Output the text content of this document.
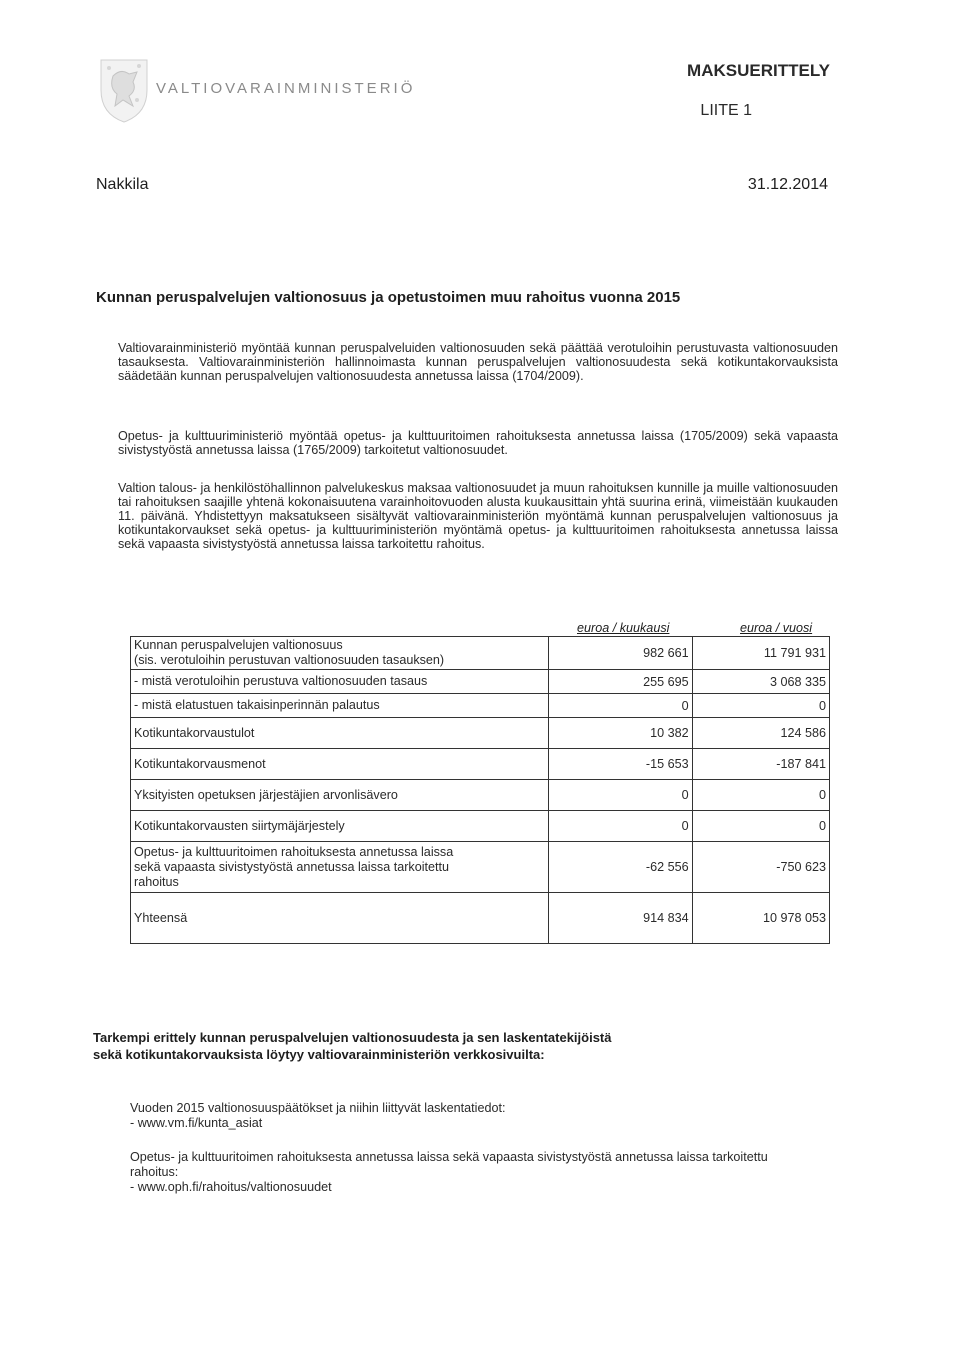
VALTIOVARAINMINISTERIÖ
MAKSUERITTELY
LIITE 1
Nakkila	31.12.2014
Kunnan peruspalvelujen valtionosuus ja opetustoimen muu rahoitus vuonna 2015
Valtiovarainministeriö myöntää kunnan peruspalveluiden valtionosuuden sekä päättää verotuloihin perustuvasta valtionosuuden tasauksesta. Valtiovarainministeriön hallinnoimasta kunnan peruspalvelujen valtionosuudesta sekä kotikuntakorvauksista säädetään kunnan peruspalvelujen valtionosuudesta annetussa laissa (1704/2009).
Opetus- ja kulttuuriministeriö myöntää opetus- ja kulttuuritoimen rahoituksesta annetussa laissa (1705/2009) sekä vapaasta sivistystyöstä annetussa laissa (1765/2009) tarkoitetut valtionosuudet.
Valtion talous- ja henkilöstöhallinnon palvelukeskus maksaa valtionosuudet ja muun rahoituksen kunnille ja muille valtionosuuden tai rahoituksen saajille yhtenä kokonaisuutena varainhoitovuoden alusta kuukausittain yhtä suurina erinä, viimeistään kuukauden 11. päivänä. Yhdistettyyn maksatukseen sisältyvät valtiovarainministeriön myöntämä kunnan peruspalvelujen valtionosuus ja kotikuntakorvaukset sekä opetus- ja kulttuuriministeriön myöntämä opetus- ja kulttuuritoimen rahoituksesta annetussa laissa sekä vapaasta sivistystyöstä annetussa laissa tarkoitettu rahoitus.
euroa / kuukausi	euroa / vuosi
Kunnan peruspalvelujen valtionosuus
(sis. verotuloihin perustuvan valtionosuuden tasauksen)	982 661	11 791 931
- mistä verotuloihin perustuva valtionosuuden tasaus	255 695	3 068 335
- mistä elatustuen takaisinperinnän palautus	0	0
Kotikuntakorvaustulot	10 382	124 586
Kotikuntakorvausmenot	-15 653	-187 841
Yksityisten opetuksen järjestäjien arvonlisävero	0	0
Kotikuntakorvausten siirtymäjärjestely	0	0

Opetus- ja kulttuuritoimen rahoituksesta annetussa laissa
sekä vapaasta sivistystyöstä annetussa laissa tarkoitettu
rahoitus	-62 556	-750 623
Yhteensä	914 834	10 978 053
Tarkempi erittely kunnan peruspalvelujen valtionosuudesta ja sen laskentatekijöistä
sekä kotikuntakorvauksista löytyy valtiovarainministeriön verkkosivuilta:
Vuoden 2015 valtionosuuspäätökset ja niihin liittyvät laskentatiedot:
- www.vm.fi/kunta_asiat
Opetus- ja kulttuuritoimen rahoituksesta annetussa laissa sekä vapaasta sivistystyöstä annetussa laissa tarkoitettu rahoitus:
- www.oph.fi/rahoitus/valtionosuudet
